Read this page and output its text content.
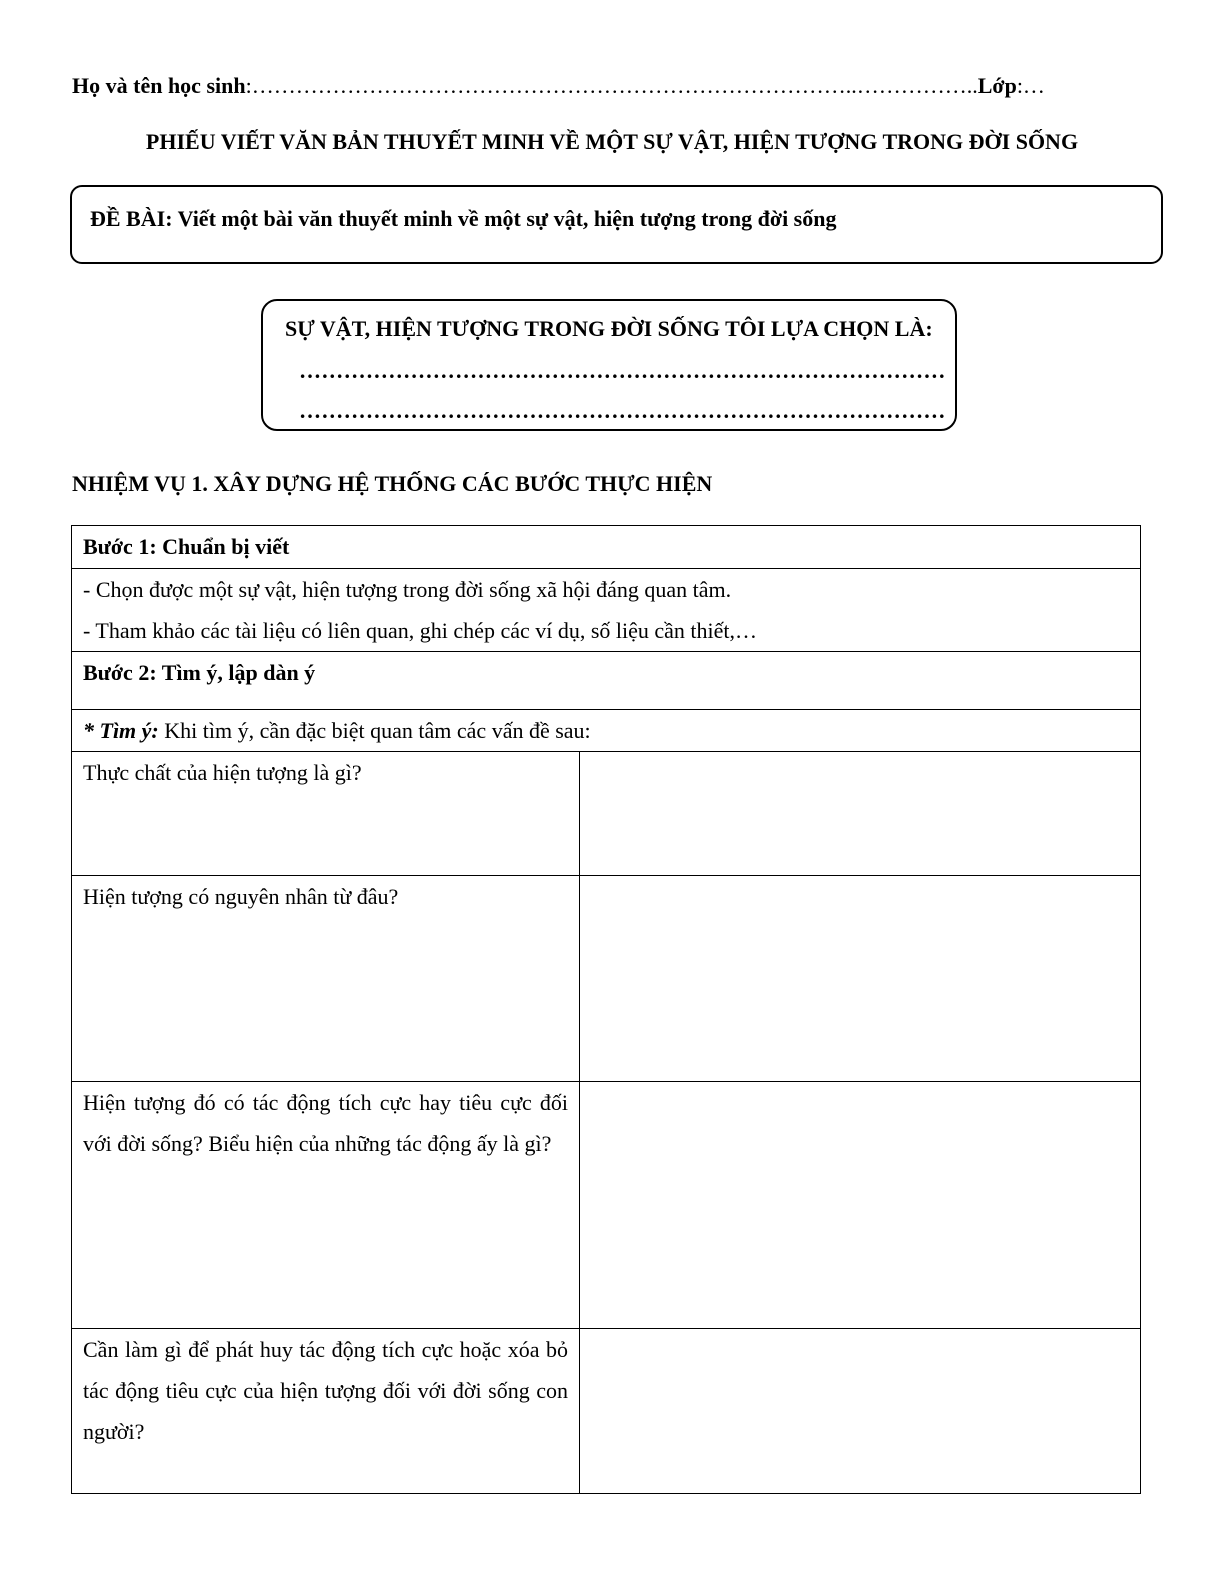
Họ và tên học sinh:………………………………………………………………………..……………..Lớp:…
PHIẾU VIẾT VĂN BẢN THUYẾT MINH VỀ MỘT SỰ VẬT, HIỆN TƯỢNG TRONG ĐỜI SỐNG
ĐỀ BÀI: Viết một bài văn thuyết minh về một sự vật, hiện tượng trong đời sống
SỰ VẬT, HIỆN TƯỢNG TRONG ĐỜI SỐNG TÔI LỰA CHỌN LÀ:
……………………………………………………………………………
……………………………………………………………………………
NHIỆM VỤ 1. XÂY DỰNG HỆ THỐNG CÁC BƯỚC THỰC HIỆN
Bước 1: Chuẩn bị viết	

- Chọn được một sự vật, hiện tượng trong đời sống xã hội đáng quan tâm.
- Tham khảo các tài liệu có liên quan, ghi chép các ví dụ, số liệu cần thiết,…	

Bước 2: Tìm ý, lập dàn ý	
* Tìm ý: Khi tìm ý, cần đặc biệt quan tâm các vấn đề sau:	
Thực chất của hiện tượng là gì?	
Hiện tượng có nguyên nhân từ đâu?	
Hiện tượng đó có tác động tích cực hay tiêu cực đối với đời sống? Biểu hiện của những tác động ấy là gì?	
Cần làm gì để phát huy tác động tích cực hoặc xóa bỏ tác động tiêu cực của hiện tượng đối với đời sống con người?	
